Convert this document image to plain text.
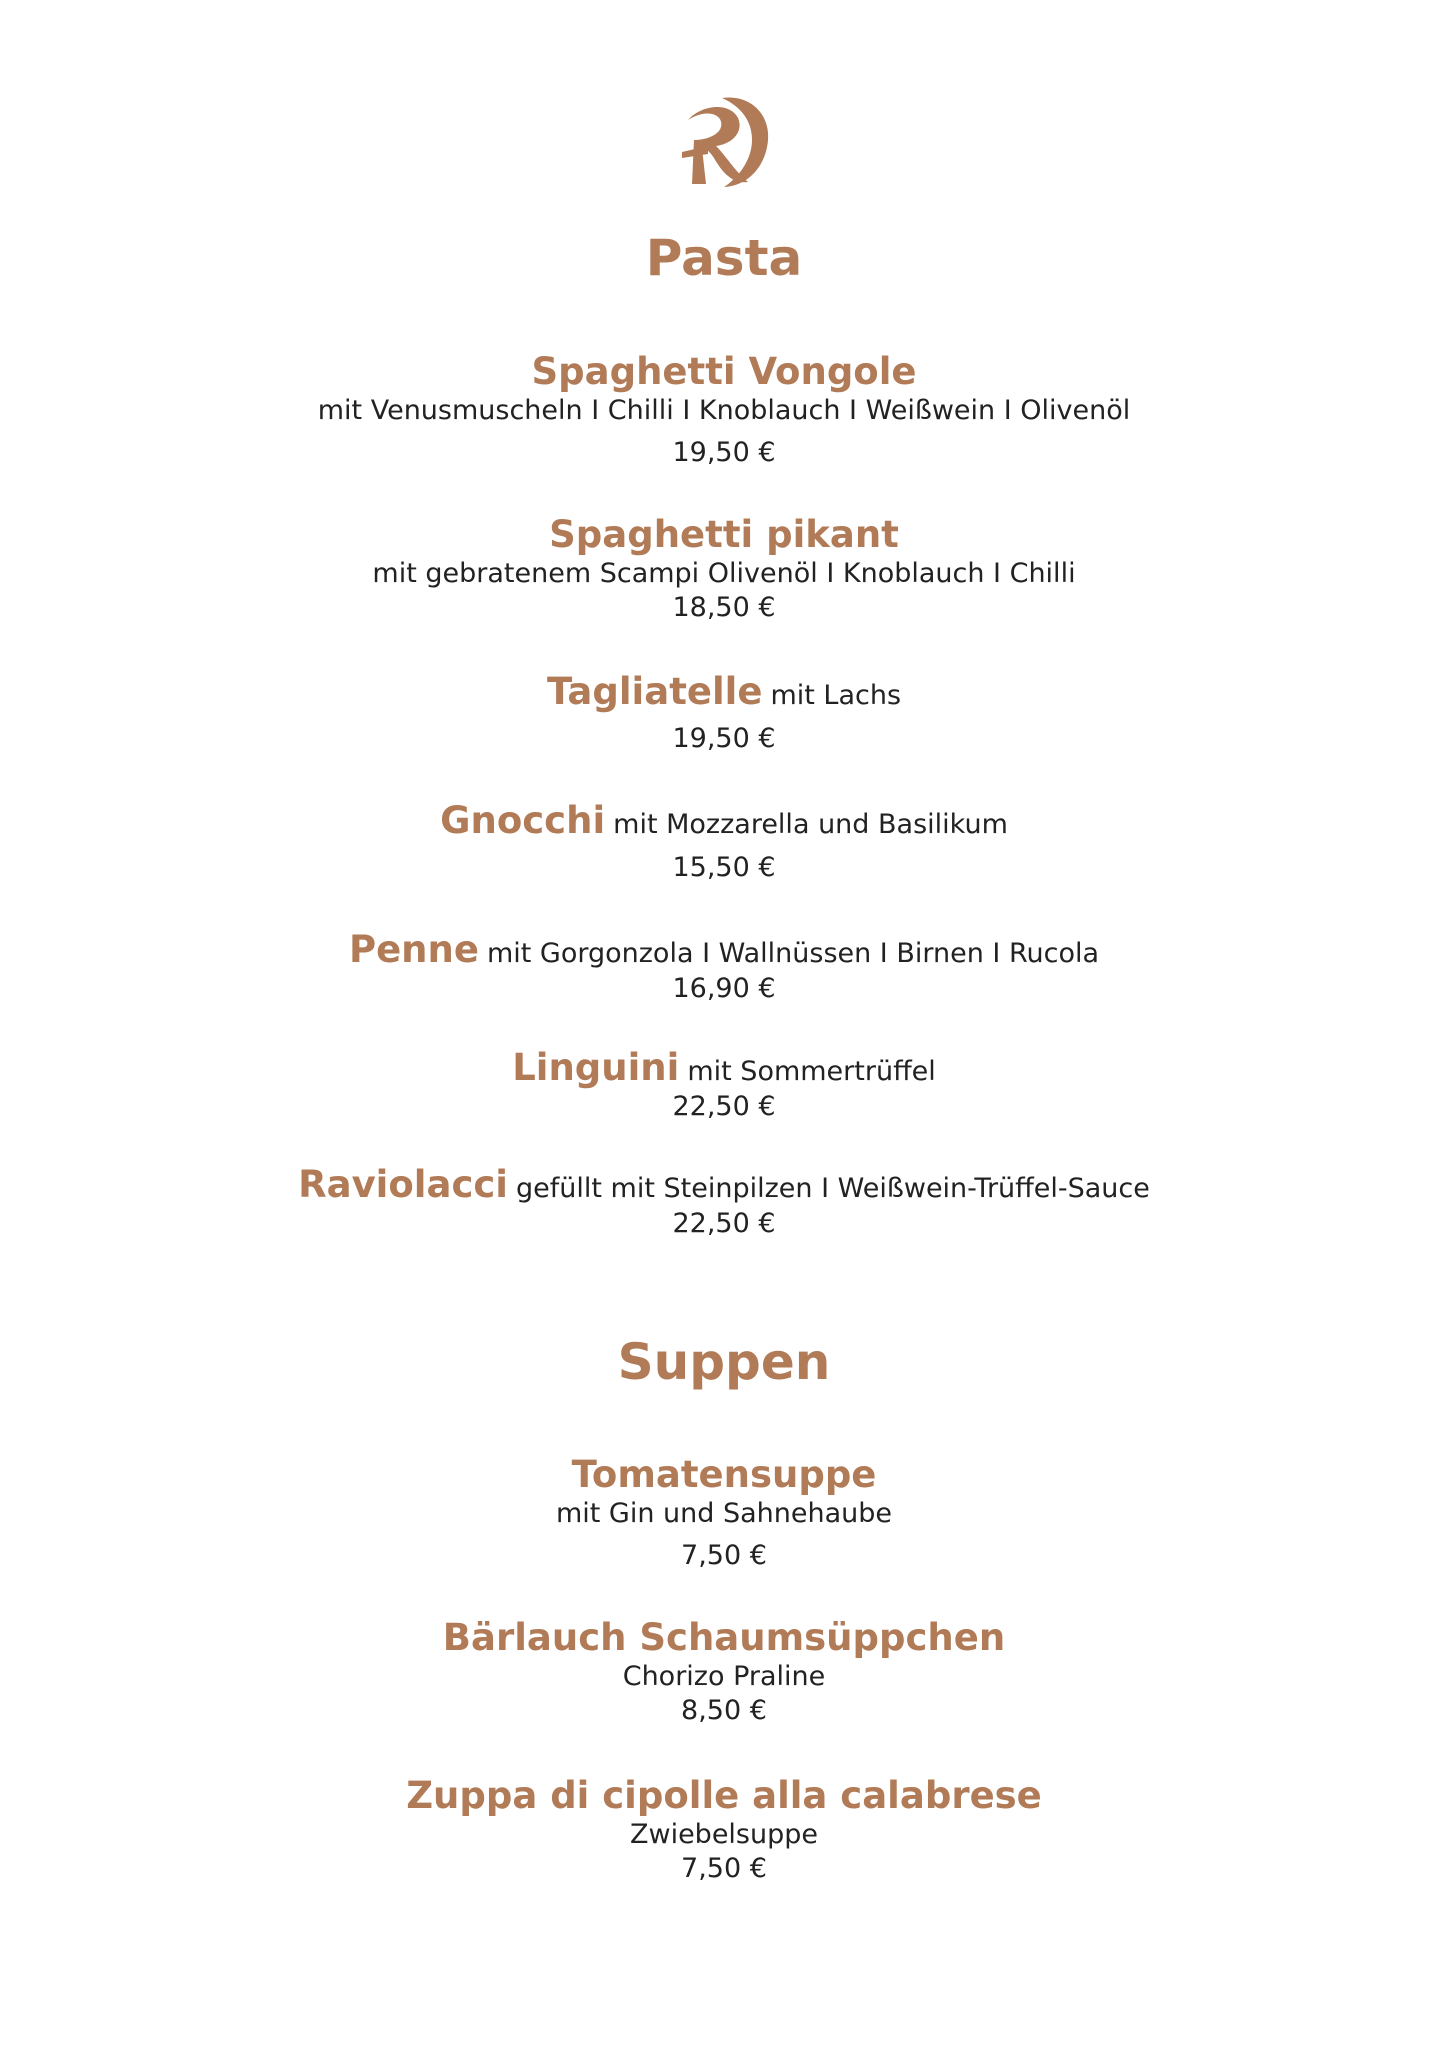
Pasta
Spaghetti Vongole
mit Venusmuscheln I Chilli I Knoblauch I Weißwein I Olivenöl
19,50 €
Spaghetti pikant
mit gebratenem Scampi Olivenöl I Knoblauch I Chilli
18,50 €
Tagliatelle mit Lachs
19,50 €
Gnocchi mit Mozzarella und Basilikum
15,50 €
Penne mit Gorgonzola I Wallnüssen I Birnen I Rucola
16,90 €
Linguini mit Sommertrüffel
22,50 €
Raviolacci gefüllt mit Steinpilzen I Weißwein-Trüffel-Sauce
22,50 €
Suppen
Tomatensuppe
mit Gin und Sahnehaube
7,50 €
Bärlauch Schaumsüppchen
Chorizo Praline
8,50 €
Zuppa di cipolle alla calabrese
Zwiebelsuppe
7,50 €
